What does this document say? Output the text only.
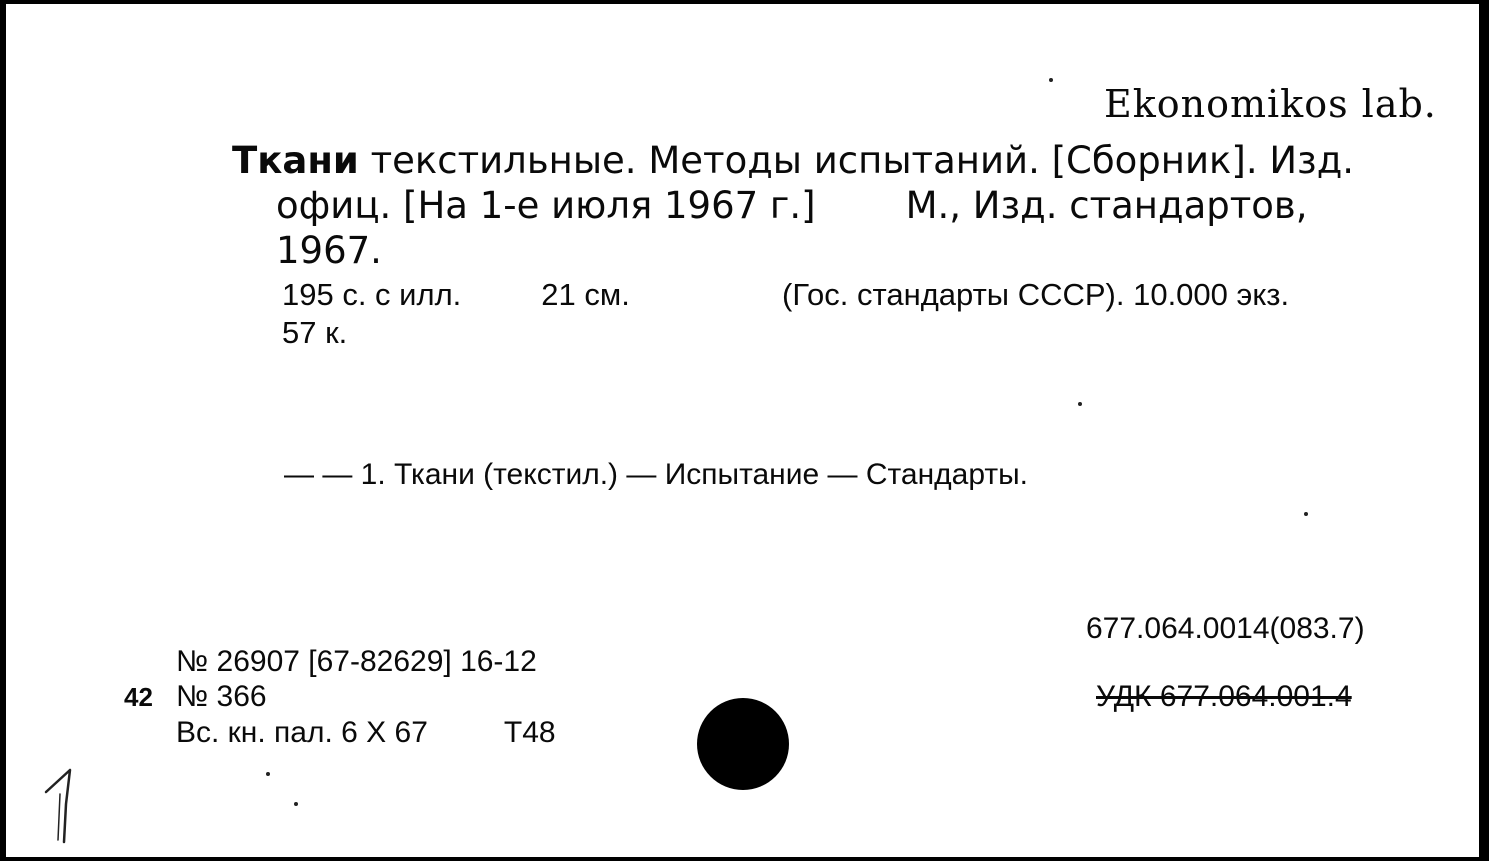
Ekonomikos lab.
Ткани текстильные. Методы испытаний. [Сборник]. Изд.
офиц. [На 1-е июля 1967 г.] М., Изд. стандартов,
1967.
195 с. с илл.	21 см.	(Гос. стандарты СССР). 10.000 экз.
57 к.
— — 1. Ткани (текстил.) — Испытание — Стандарты.
677.064.0014(083.7)
УДК 677.064.001.4
№ 26907 [67-82629] 16-12
42 № 366
Вс. кн. пал. 6 X 67	T48
